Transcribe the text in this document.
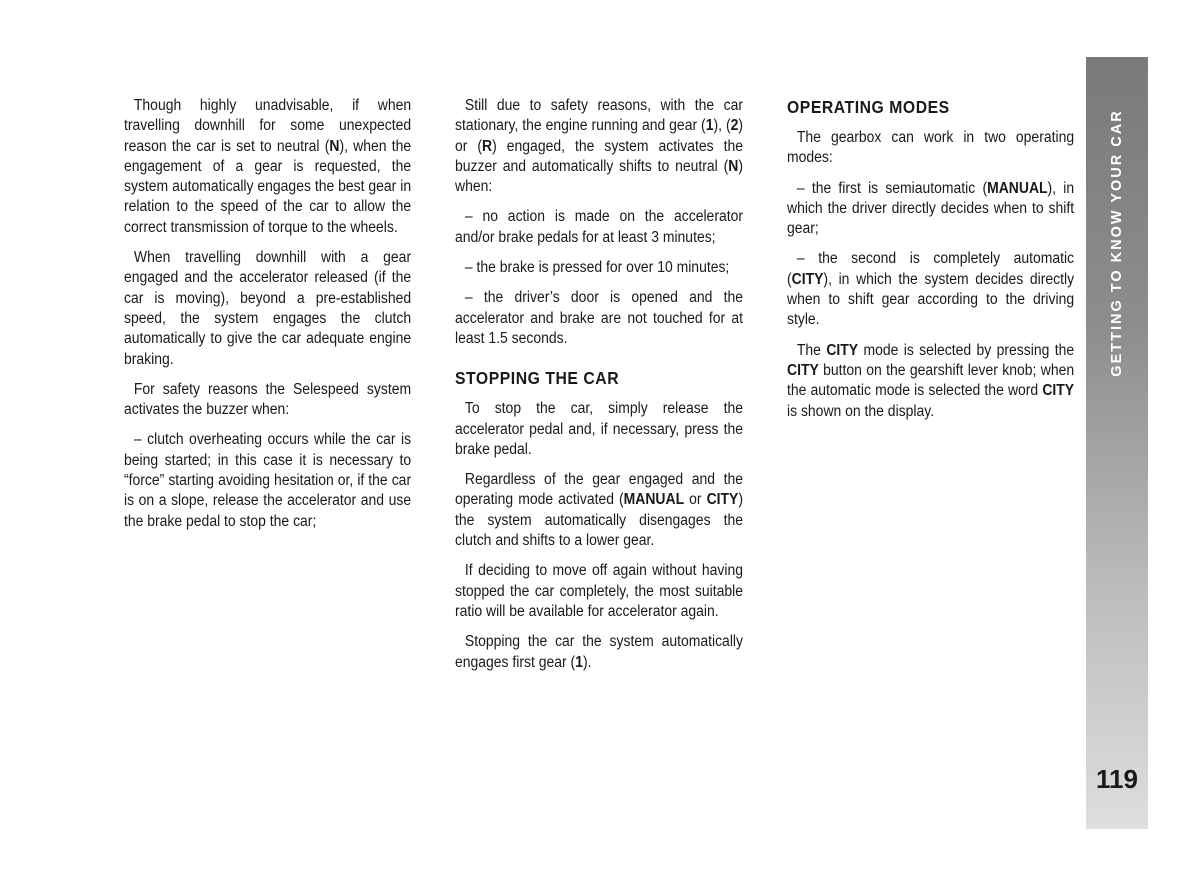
Though highly unadvisable, if when travelling downhill for some unexpected reason the car is set to neutral (N), when the engagement of a gear is requested, the system automatically engages the best gear in relation to the speed of the car to allow the correct transmission of torque to the wheels.

When travelling downhill with a gear engaged and the accelerator released (if the car is moving), beyond a pre-established speed, the system engages the clutch automatically to give the car adequate engine braking.

For safety reasons the Selespeed system activates the buzzer when:

– clutch overheating occurs while the car is being started; in this case it is necessary to “force” starting avoiding hesitation or, if the car is on a slope, release the accelerator and use the brake pedal to stop the car;

Still due to safety reasons, with the car stationary, the engine running and gear (1), (2) or (R) engaged, the system activates the buzzer and automatically shifts to neutral (N) when:

– no action is made on the accelerator and/or brake pedals for at least 3 minutes;

– the brake is pressed for over 10 minutes;

– the driver’s door is opened and the accelerator and brake are not touched for at least 1.5 seconds.

STOPPING THE CAR

To stop the car, simply release the accelerator pedal and, if necessary, press the brake pedal.

Regardless of the gear engaged and the operating mode activated (MANUAL or CITY) the system automatically disengages the clutch and shifts to a lower gear.

If deciding to move off again without having stopped the car completely, the most suitable ratio will be available for accelerator again.

Stopping the car the system automatically engages first gear (1).

OPERATING MODES

The gearbox can work in two operating modes:

– the first is semiautomatic (MANUAL), in which the driver directly decides when to shift gear;

– the second is completely automatic (CITY), in which the system decides directly when to shift gear according to the driving style.

The CITY mode is selected by pressing the CITY button on the gearshift lever knob; when the automatic mode is selected the word CITY is shown on the display.

GETTING TO KNOW YOUR CAR
119
